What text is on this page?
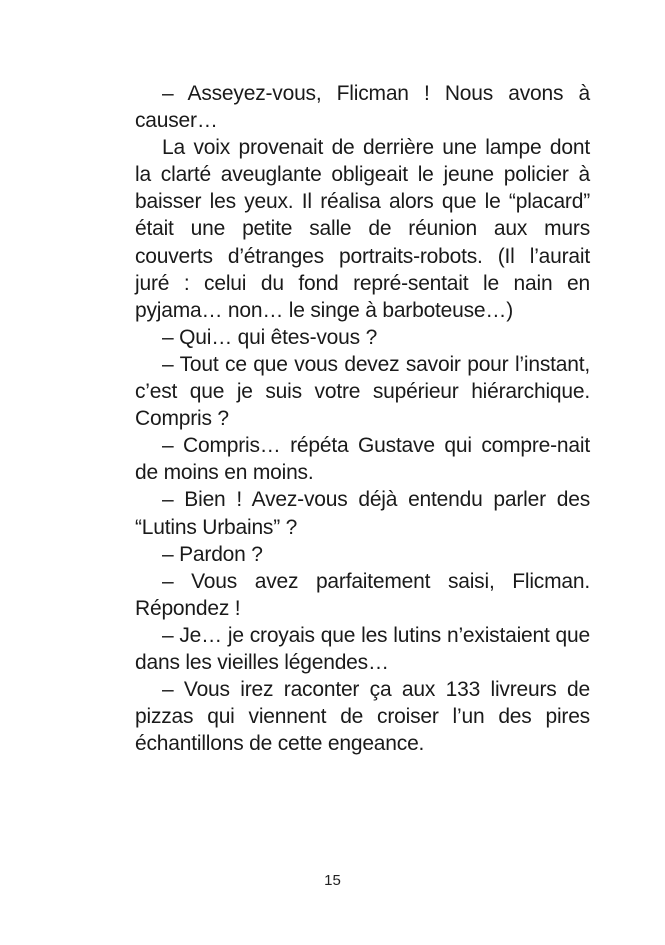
– Asseyez-vous, Flicman ! Nous avons à causer…

La voix provenait de derrière une lampe dont la clarté aveuglante obligeait le jeune policier à baisser les yeux. Il réalisa alors que le “placard” était une petite salle de réunion aux murs couverts d’étranges portraits-robots. (Il l’aurait juré : celui du fond repré-sentait le nain en pyjama… non… le singe à barboteuse…)

– Qui… qui êtes-vous ?

– Tout ce que vous devez savoir pour l’instant, c’est que je suis votre supérieur hiérarchique. Compris ?

– Compris… répéta Gustave qui compre-nait de moins en moins.

– Bien ! Avez-vous déjà entendu parler des “Lutins Urbains” ?

– Pardon ?

– Vous avez parfaitement saisi, Flicman. Répondez !

– Je… je croyais que les lutins n’existaient que dans les vieilles légendes…

– Vous irez raconter ça aux 133 livreurs de pizzas qui viennent de croiser l’un des pires échantillons de cette engeance.

15
